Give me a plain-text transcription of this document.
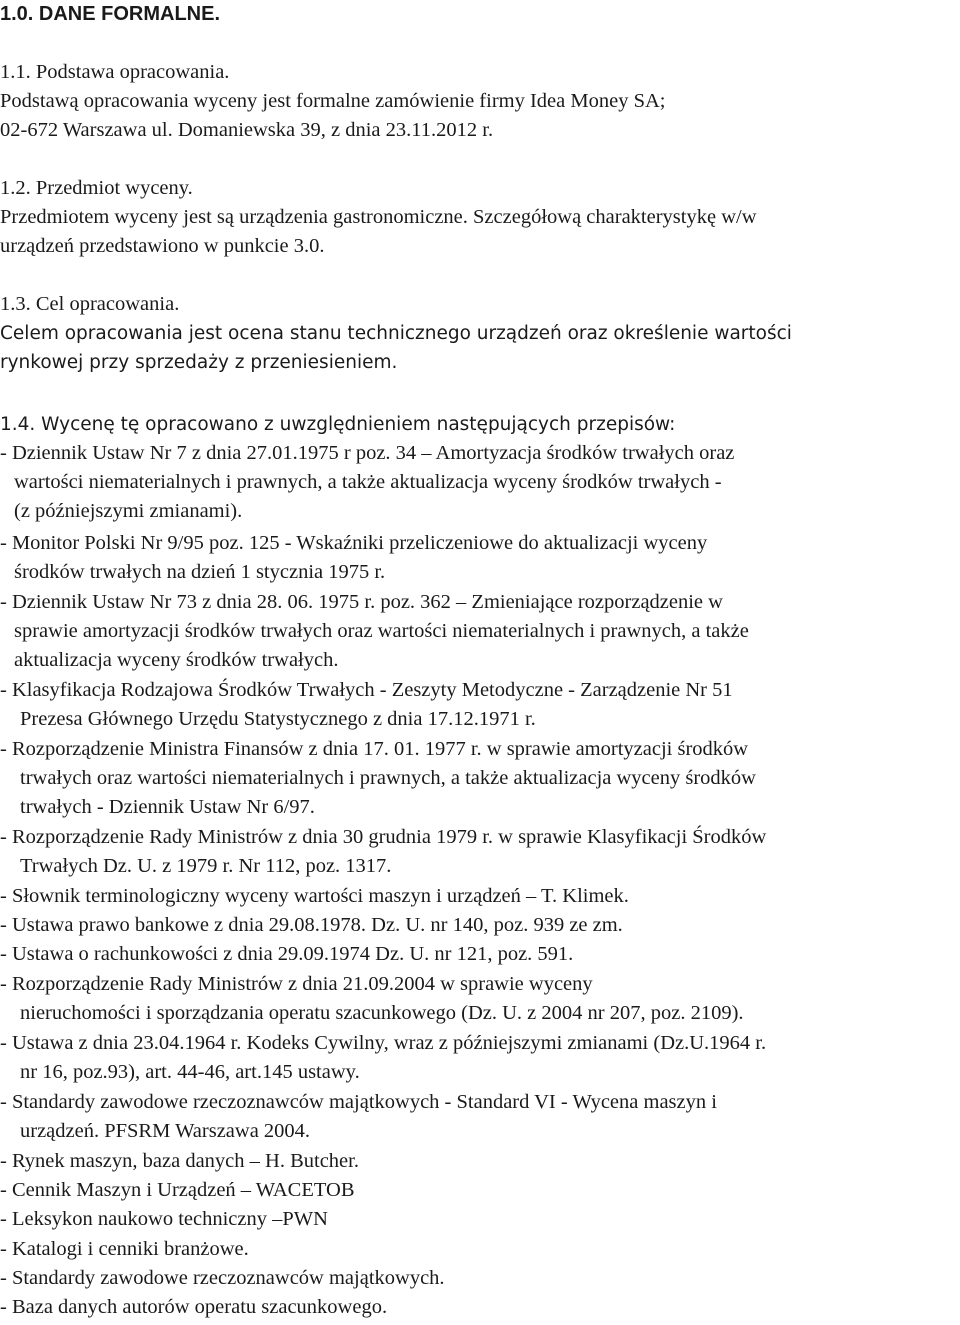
1.0. DANE FORMALNE.
1.1. Podstawa opracowania.
Podstawą opracowania wyceny jest formalne zamówienie firmy Idea Money SA;
02-672 Warszawa ul. Domaniewska 39, z dnia 23.11.2012 r.
1.2. Przedmiot wyceny.
Przedmiotem wyceny jest są urządzenia gastronomiczne. Szczegółową charakterystykę w/w
urządzeń przedstawiono w punkcie 3.0.
1.3. Cel opracowania.
Celem opracowania jest ocena stanu technicznego urządzeń oraz określenie wartości
rynkowej przy sprzedaży z przeniesieniem.
1.4. Wycenę tę opracowano z uwzględnieniem następujących przepisów:
- Dziennik Ustaw Nr 7 z dnia 27.01.1975 r poz. 34 – Amortyzacja środków trwałych oraz
wartości niematerialnych i prawnych, a także aktualizacja wyceny środków trwałych -
(z późniejszymi zmianami).
- Monitor Polski Nr 9/95 poz. 125 - Wskaźniki przeliczeniowe do aktualizacji wyceny
środków trwałych na dzień 1 stycznia 1975 r.
- Dziennik Ustaw Nr 73 z dnia 28. 06. 1975 r. poz. 362 – Zmieniające rozporządzenie w
sprawie amortyzacji środków trwałych oraz wartości niematerialnych i prawnych, a także
aktualizacja wyceny środków trwałych.
- Klasyfikacja Rodzajowa Środków Trwałych - Zeszyty Metodyczne - Zarządzenie Nr 51
Prezesa Głównego Urzędu Statystycznego z dnia 17.12.1971 r.
- Rozporządzenie Ministra Finansów z dnia 17. 01. 1977 r. w sprawie amortyzacji środków
trwałych oraz wartości niematerialnych i prawnych, a także aktualizacja wyceny środków
trwałych - Dziennik Ustaw Nr 6/97.
- Rozporządzenie Rady Ministrów z dnia 30 grudnia 1979 r. w sprawie Klasyfikacji Środków
Trwałych Dz. U. z 1979 r. Nr 112, poz. 1317.
- Słownik terminologiczny wyceny wartości maszyn i urządzeń – T. Klimek.
- Ustawa prawo bankowe z dnia 29.08.1978. Dz. U. nr 140, poz. 939 ze zm.
- Ustawa o rachunkowości z dnia 29.09.1974 Dz. U. nr 121, poz. 591.
- Rozporządzenie Rady Ministrów z dnia 21.09.2004 w sprawie wyceny
nieruchomości i sporządzania operatu szacunkowego (Dz. U. z 2004 nr 207, poz. 2109).
- Ustawa z dnia 23.04.1964 r. Kodeks Cywilny, wraz z późniejszymi zmianami (Dz.U.1964 r.
nr 16, poz.93), art. 44-46, art.145 ustawy.
- Standardy zawodowe rzeczoznawców majątkowych - Standard VI - Wycena maszyn i
urządzeń. PFSRM Warszawa 2004.
- Rynek maszyn, baza danych – H. Butcher.
- Cennik Maszyn i Urządzeń – WACETOB
- Leksykon naukowo techniczny –PWN
- Katalogi i cenniki branżowe.
- Standardy zawodowe rzeczoznawców majątkowych.
- Baza danych autorów operatu szacunkowego.
